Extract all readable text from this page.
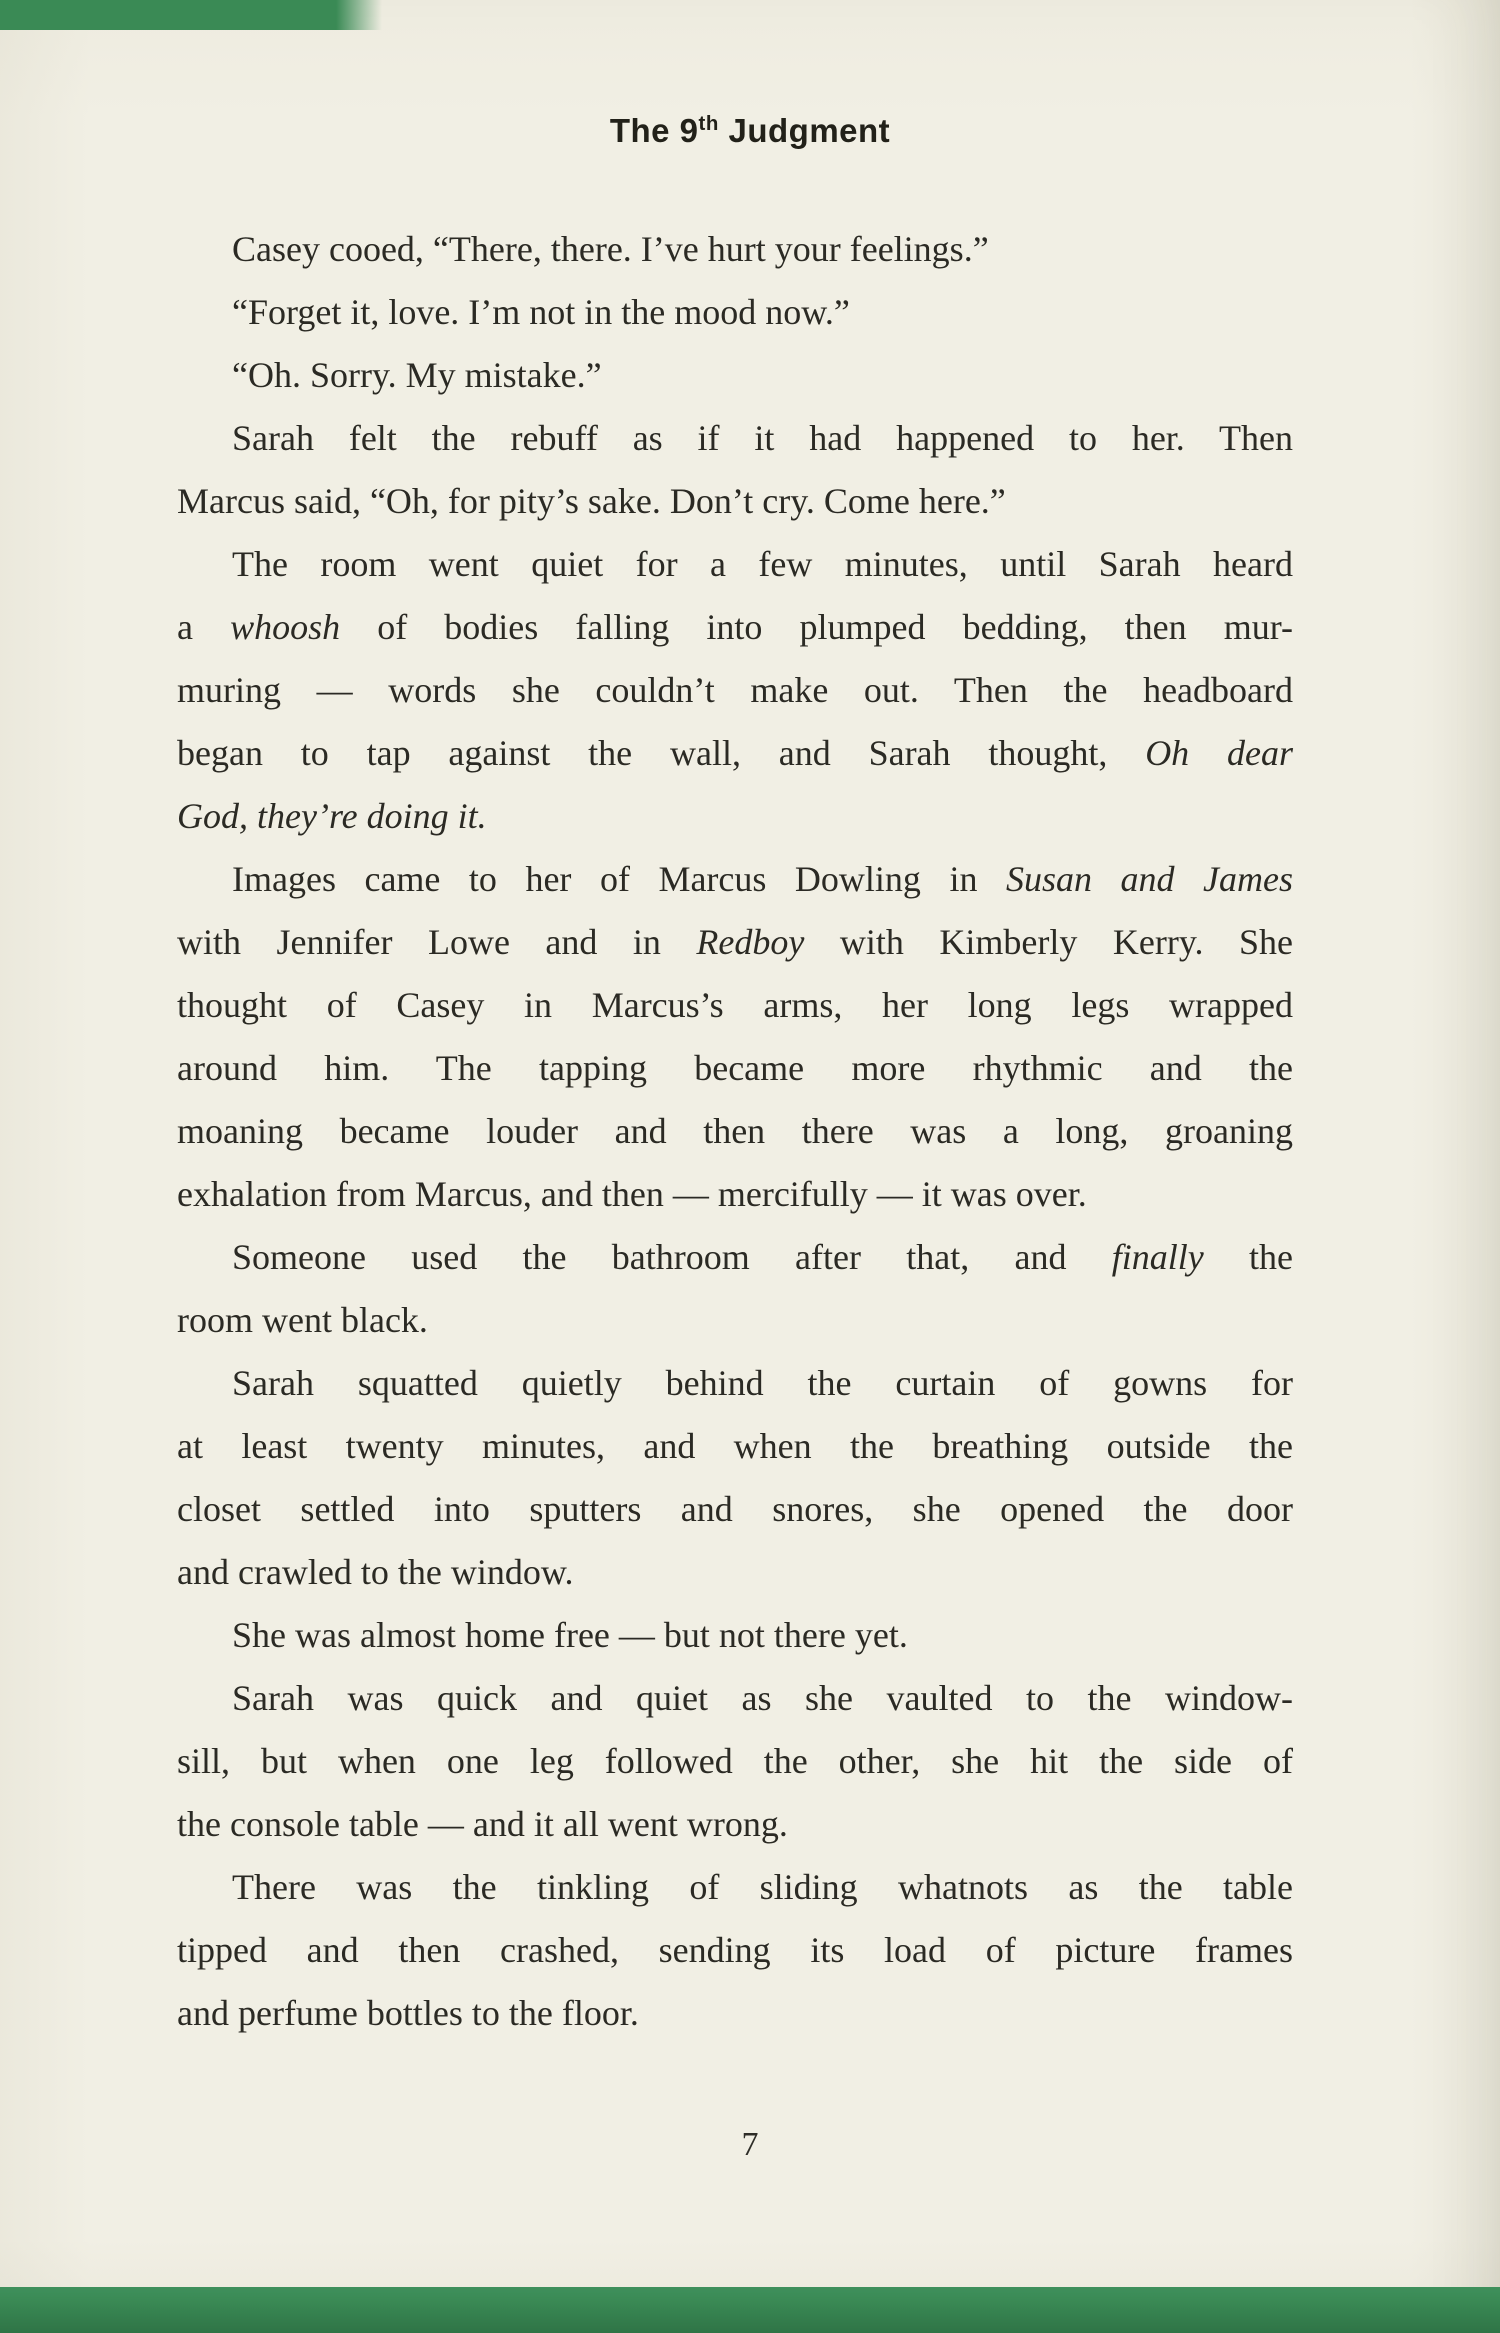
The 9th Judgment
Casey cooed, “There, there. I’ve hurt your feelings.”
“Forget it, love. I’m not in the mood now.”
“Oh. Sorry. My mistake.”
Sarah felt the rebuff as if it had happened to her. Then
Marcus said, “Oh, for pity’s sake. Don’t cry. Come here.”
The room went quiet for a few minutes, until Sarah heard
a whoosh of bodies falling into plumped bedding, then mur-
muring — words she couldn’t make out. Then the headboard
began to tap against the wall, and Sarah thought, Oh dear
God, they’re doing it.
Images came to her of Marcus Dowling in Susan and James
with Jennifer Lowe and in Redboy with Kimberly Kerry. She
thought of Casey in Marcus’s arms, her long legs wrapped
around him. The tapping became more rhythmic and the
moaning became louder and then there was a long, groaning
exhalation from Marcus, and then — mercifully — it was over.
Someone used the bathroom after that, and finally the
room went black.
Sarah squatted quietly behind the curtain of gowns for
at least twenty minutes, and when the breathing outside the
closet settled into sputters and snores, she opened the door
and crawled to the window.
She was almost home free — but not there yet.
Sarah was quick and quiet as she vaulted to the window-
sill, but when one leg followed the other, she hit the side of
the console table — and it all went wrong.
There was the tinkling of sliding whatnots as the table
tipped and then crashed, sending its load of picture frames
and perfume bottles to the floor.
7
